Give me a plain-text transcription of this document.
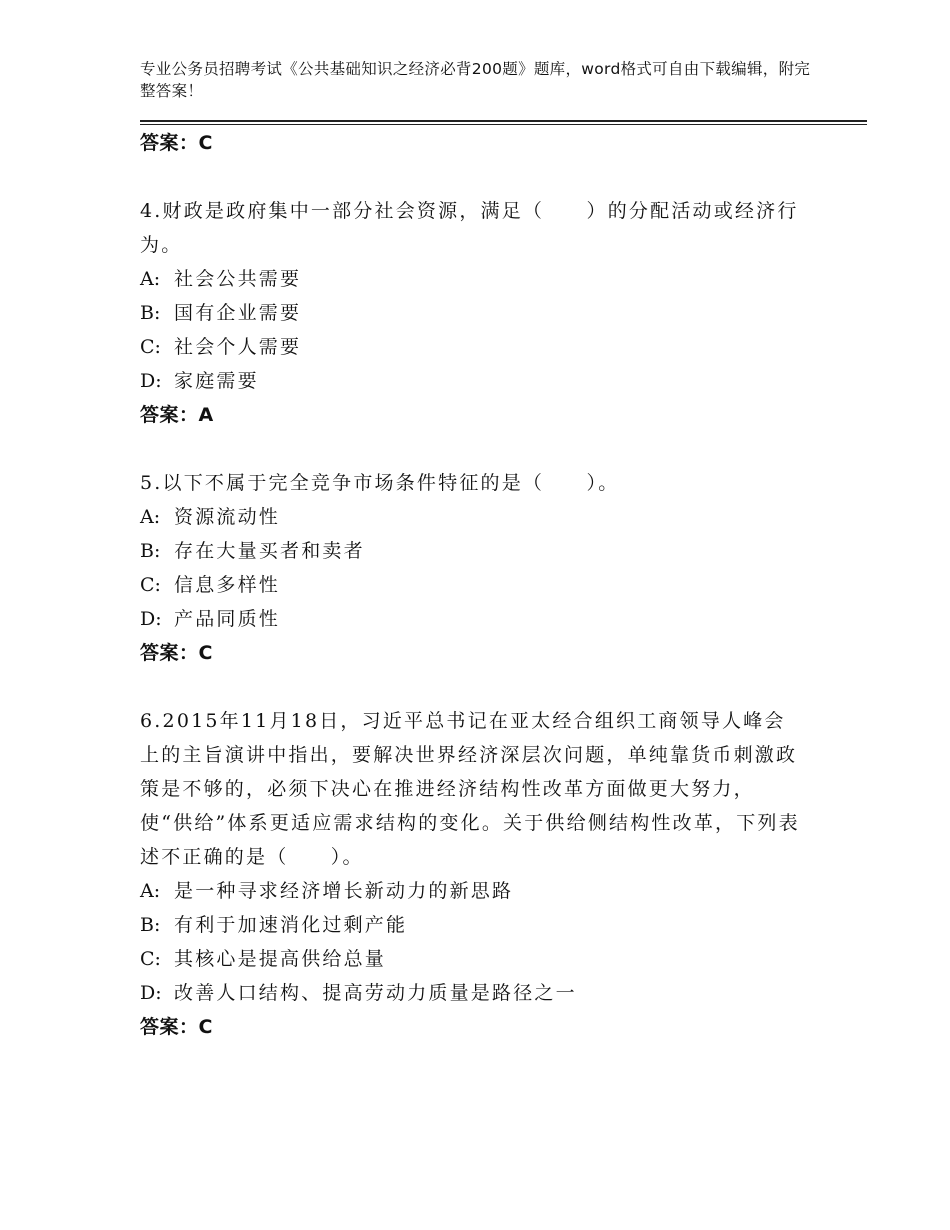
专业公务员招聘考试《公共基础知识之经济必背200题》题库，word格式可自由下载编辑，附完整答案！
答案：C
4.财政是政府集中一部分社会资源，满足（　　）的分配活动或经济行为。
A: 社会公共需要
B: 国有企业需要
C: 社会个人需要
D: 家庭需要
答案：A
5.以下不属于完全竞争市场条件特征的是（　　）。
A: 资源流动性
B: 存在大量买者和卖者
C: 信息多样性
D: 产品同质性
答案：C
6.2015年11月18日，习近平总书记在亚太经合组织工商领导人峰会上的主旨演讲中指出，要解决世界经济深层次问题，单纯靠货币刺激政策是不够的，必须下决心在推进经济结构性改革方面做更大努力，使“供给”体系更适应需求结构的变化。关于供给侧结构性改革，下列表述不正确的是（　　）。
A: 是一种寻求经济增长新动力的新思路
B: 有利于加速消化过剩产能
C: 其核心是提高供给总量
D: 改善人口结构、提高劳动力质量是路径之一
答案：C
